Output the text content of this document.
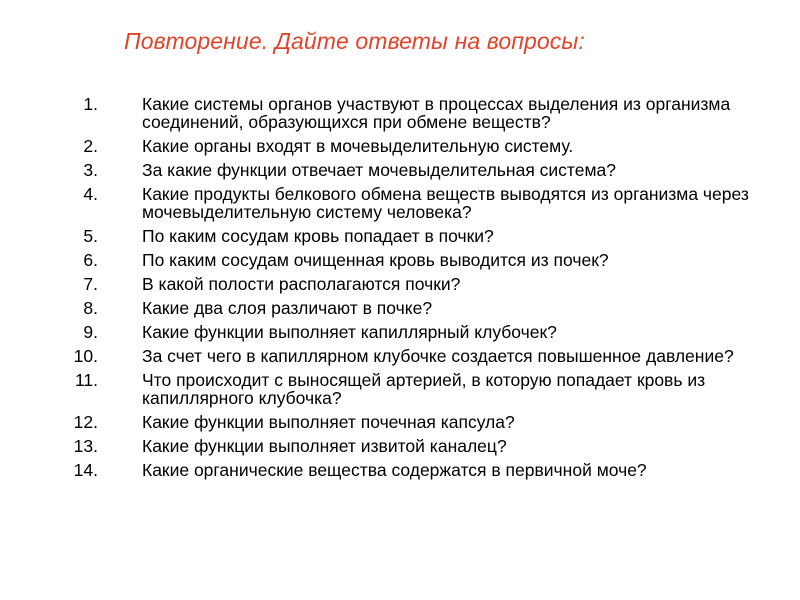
Повторение. Дайте ответы на вопросы:
1.	Какие системы органов участвуют в процессах выделения из организма соединений, образующихся при обмене веществ?
2.	Какие органы входят в мочевыделительную систему.
3.	За какие функции отвечает мочевыделительная система?
4.	Какие продукты белкового обмена веществ выводятся из организма через мочевыделительную систему человека?
5.	По каким сосудам кровь попадает в почки?
6.	По каким сосудам очищенная кровь выводится из почек?
7.	В какой полости располагаются почки?
8.	Какие два слоя различают в почке?
9.	Какие функции выполняет капиллярный клубочек?
10.	За счет чего в капиллярном клубочке создается повышенное давление?
11.	Что происходит с выносящей артерией, в которую попадает кровь из капиллярного клубочка?
12.	Какие функции выполняет почечная капсула?
13.	Какие функции выполняет извитой каналец?
14.	Какие органические вещества содержатся в первичной моче?
